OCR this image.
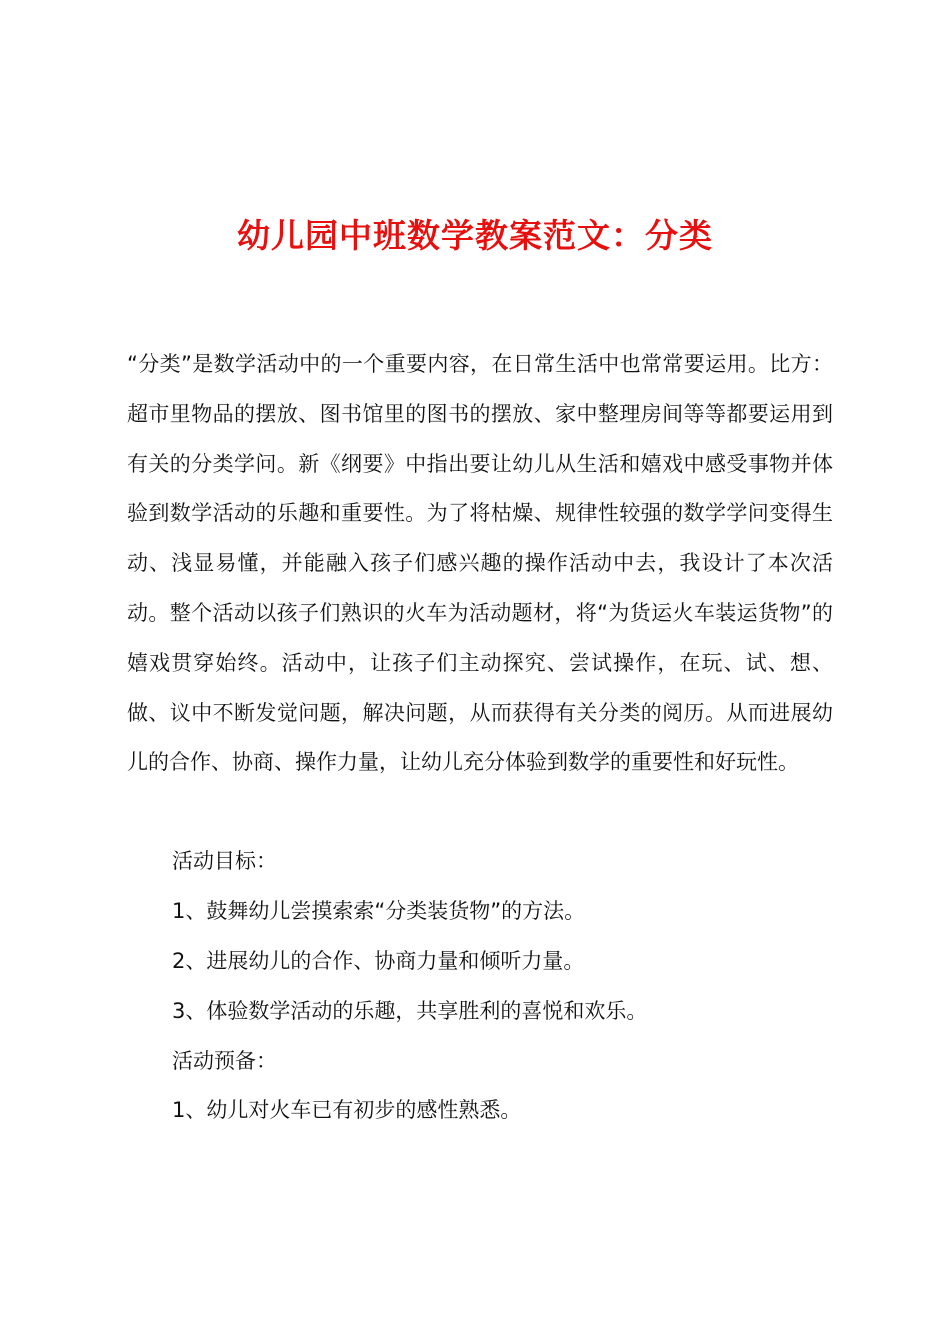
幼儿园中班数学教案范文：分类

“分类”是数学活动中的一个重要内容，在日常生活中也常常要运用。比方：超市里物品的摆放、图书馆里的图书的摆放、家中整理房间等等都要运用到有关的分类学问。新《纲要》中指出要让幼儿从生活和嬉戏中感受事物并体验到数学活动的乐趣和重要性。为了将枯燥、规律性较强的数学学问变得生动、浅显易懂，并能融入孩子们感兴趣的操作活动中去，我设计了本次活动。整个活动以孩子们熟识的火车为活动题材，将“为货运火车装运货物”的嬉戏贯穿始终。活动中，让孩子们主动探究、尝试操作，在玩、试、想、做、议中不断发觉问题，解决问题，从而获得有关分类的阅历。从而进展幼儿的合作、协商、操作力量，让幼儿充分体验到数学的重要性和好玩性。

活动目标：

1、鼓舞幼儿尝摸索索“分类装货物”的方法。

2、进展幼儿的合作、协商力量和倾听力量。

3、体验数学活动的乐趣，共享胜利的喜悦和欢乐。

活动预备：

1、幼儿对火车已有初步的感性熟悉。
